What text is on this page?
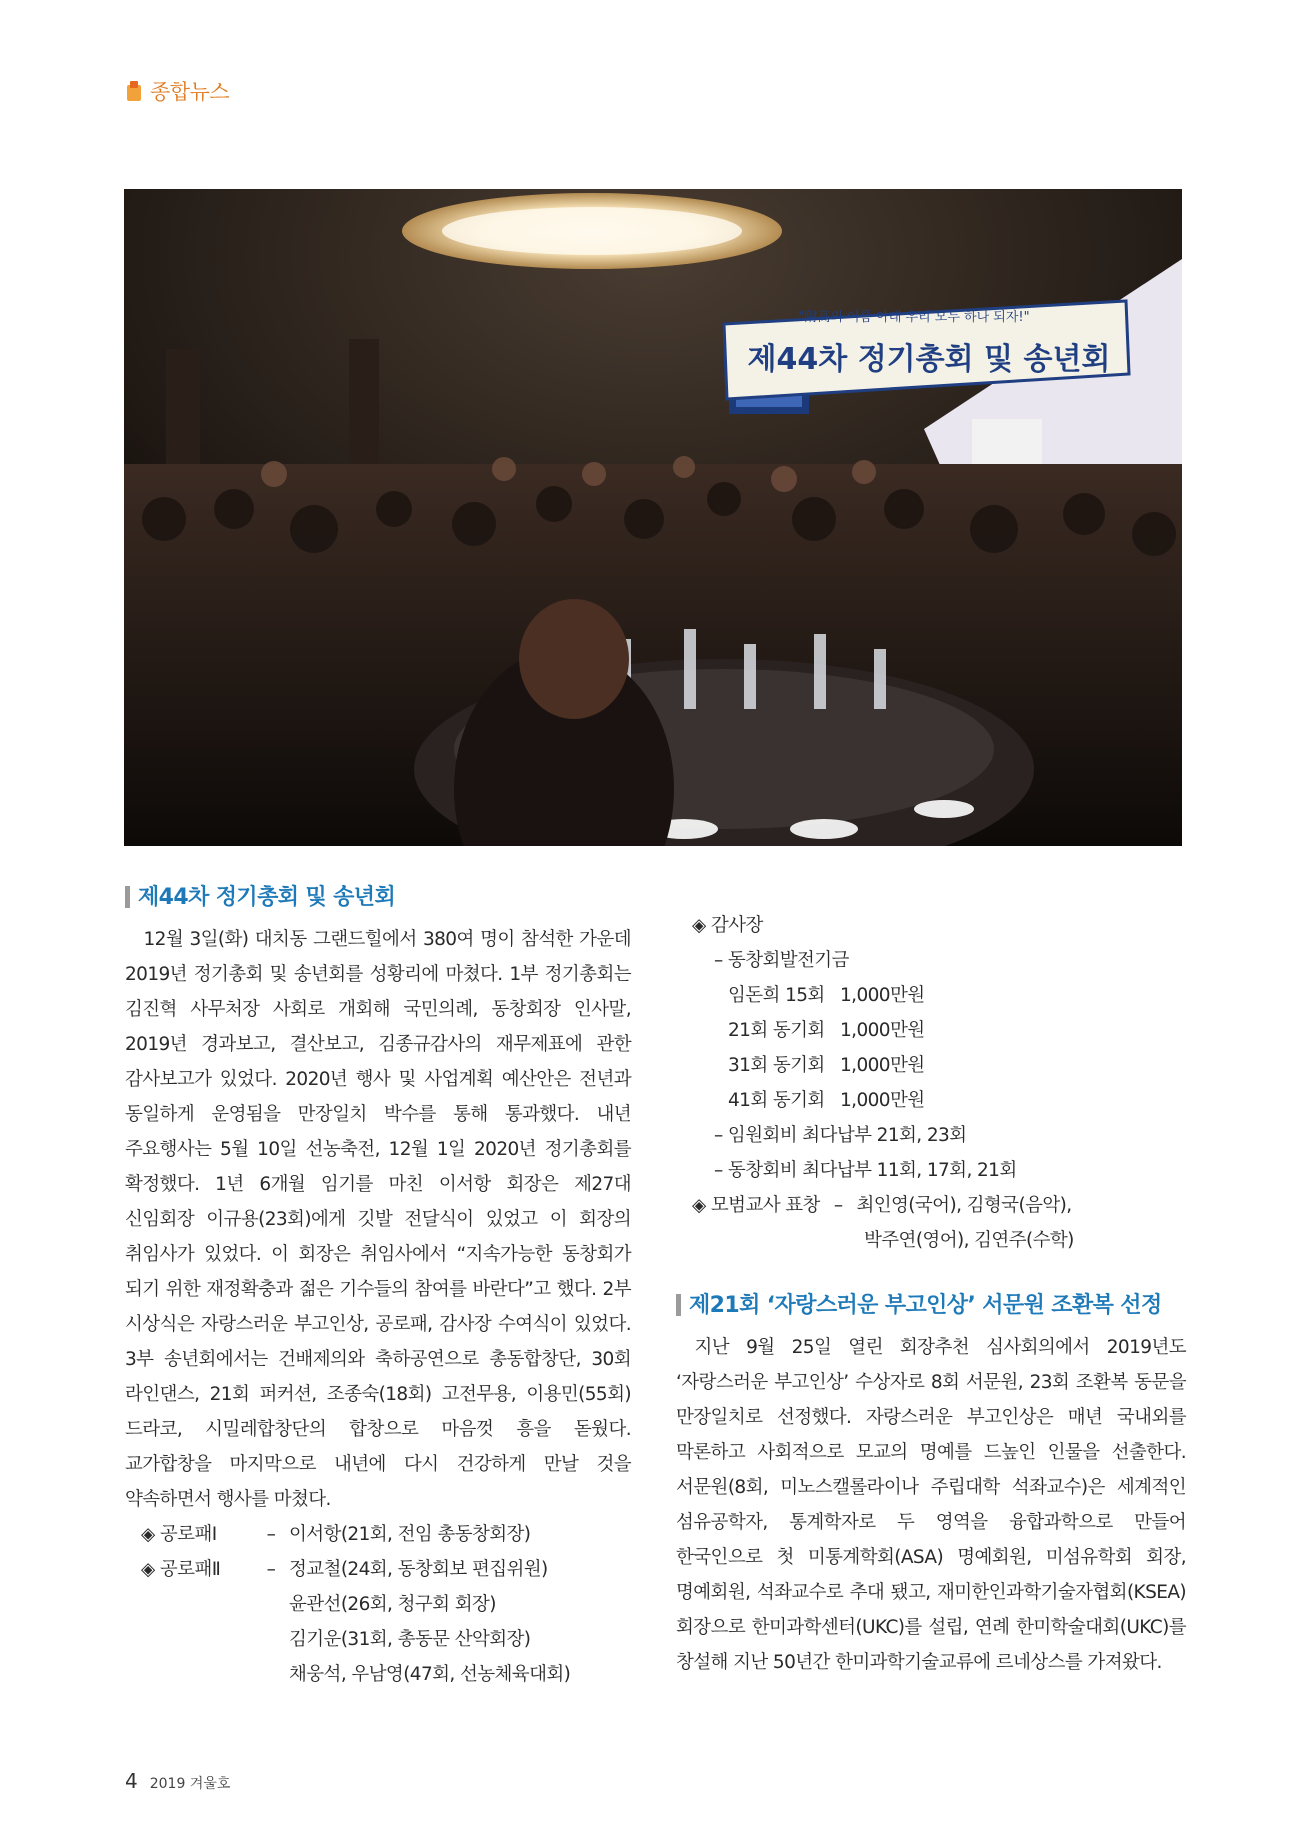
종합뉴스
"附高의 이름 아래 우리 모두 하나 되자!"
제44차 정기총회 및 송년회
제44차 정기총회 및 송년회

12월 3일(화) 대치동 그랜드힐에서 380여 명이 참석한 가운데 2019년 정기총회 및 송년회를 성황리에 마쳤다. 1부 정기총회는 김진혁 사무처장 사회로 개회해 국민의례, 동창회장 인사말, 2019년 경과보고, 결산보고, 김종규감사의 재무제표에 관한 감사보고가 있었다. 2020년 행사 및 사업계획 예산안은 전년과 동일하게 운영됨을 만장일치 박수를 통해 통과했다. 내년 주요행사는 5월 10일 선농축전, 12월 1일 2020년 정기총회를 확정했다. 1년 6개월 임기를 마친 이서항 회장은 제27대 신임회장 이규용(23회)에게 깃발 전달식이 있었고 이 회장의 취임사가 있었다. 이 회장은 취임사에서 “지속가능한 동창회가 되기 위한 재정확충과 젊은 기수들의 참여를 바란다”고 했다. 2부 시상식은 자랑스러운 부고인상, 공로패, 감사장 수여식이 있었다. 3부 송년회에서는 건배제의와 축하공연으로 총동합창단, 30회 라인댄스, 21회 퍼커션, 조종숙(18회) 고전무용, 이용민(55회) 드라코, 시밀레합창단의 합창으로 마음껏 흥을 돋웠다. 교가합창을 마지막으로 내년에 다시 건강하게 만날 것을 약속하면서 행사를 마쳤다.

◈ 공로패Ⅰ	– 이서항(21회, 전임 총동창회장)
◈ 공로패Ⅱ	– 정교철(24회, 동창회보 편집위원)
윤관선(26회, 청구회 회장)
김기운(31회, 총동문 산악회장)
채웅석, 우남영(47회, 선농체육대회)
◈ 감사장
– 동창회발전기금
임돈희 15회 1,000만원
21회 동기회 1,000만원
31회 동기회 1,000만원
41회 동기회 1,000만원
– 임원회비 최다납부 21회, 23회
– 동창회비 최다납부 11회, 17회, 21회
◈ 모범교사 표창 – 최인영(국어), 김형국(음악),
박주연(영어), 김연주(수학)
제21회 ‘자랑스러운 부고인상’ 서문원 조환복 선정

지난 9월 25일 열린 회장추천 심사회의에서 2019년도 ‘자랑스러운 부고인상’ 수상자로 8회 서문원, 23회 조환복 동문을 만장일치로 선정했다. 자랑스러운 부고인상은 매년 국내외를 막론하고 사회적으로 모교의 명예를 드높인 인물을 선출한다. 서문원(8회, 미노스캘롤라이나 주립대학 석좌교수)은 세계적인 섬유공학자, 통계학자로 두 영역을 융합과학으로 만들어 한국인으로 첫 미통계학회(ASA) 명예회원, 미섬유학회 회장, 명예회원, 석좌교수로 추대 됐고, 재미한인과학기술자협회(KSEA) 회장으로 한미과학센터(UKC)를 설립, 연례 한미학술대회(UKC)를 창설해 지난 50년간 한미과학기술교류에 르네상스를 가져왔다.

4 2019 겨울호
